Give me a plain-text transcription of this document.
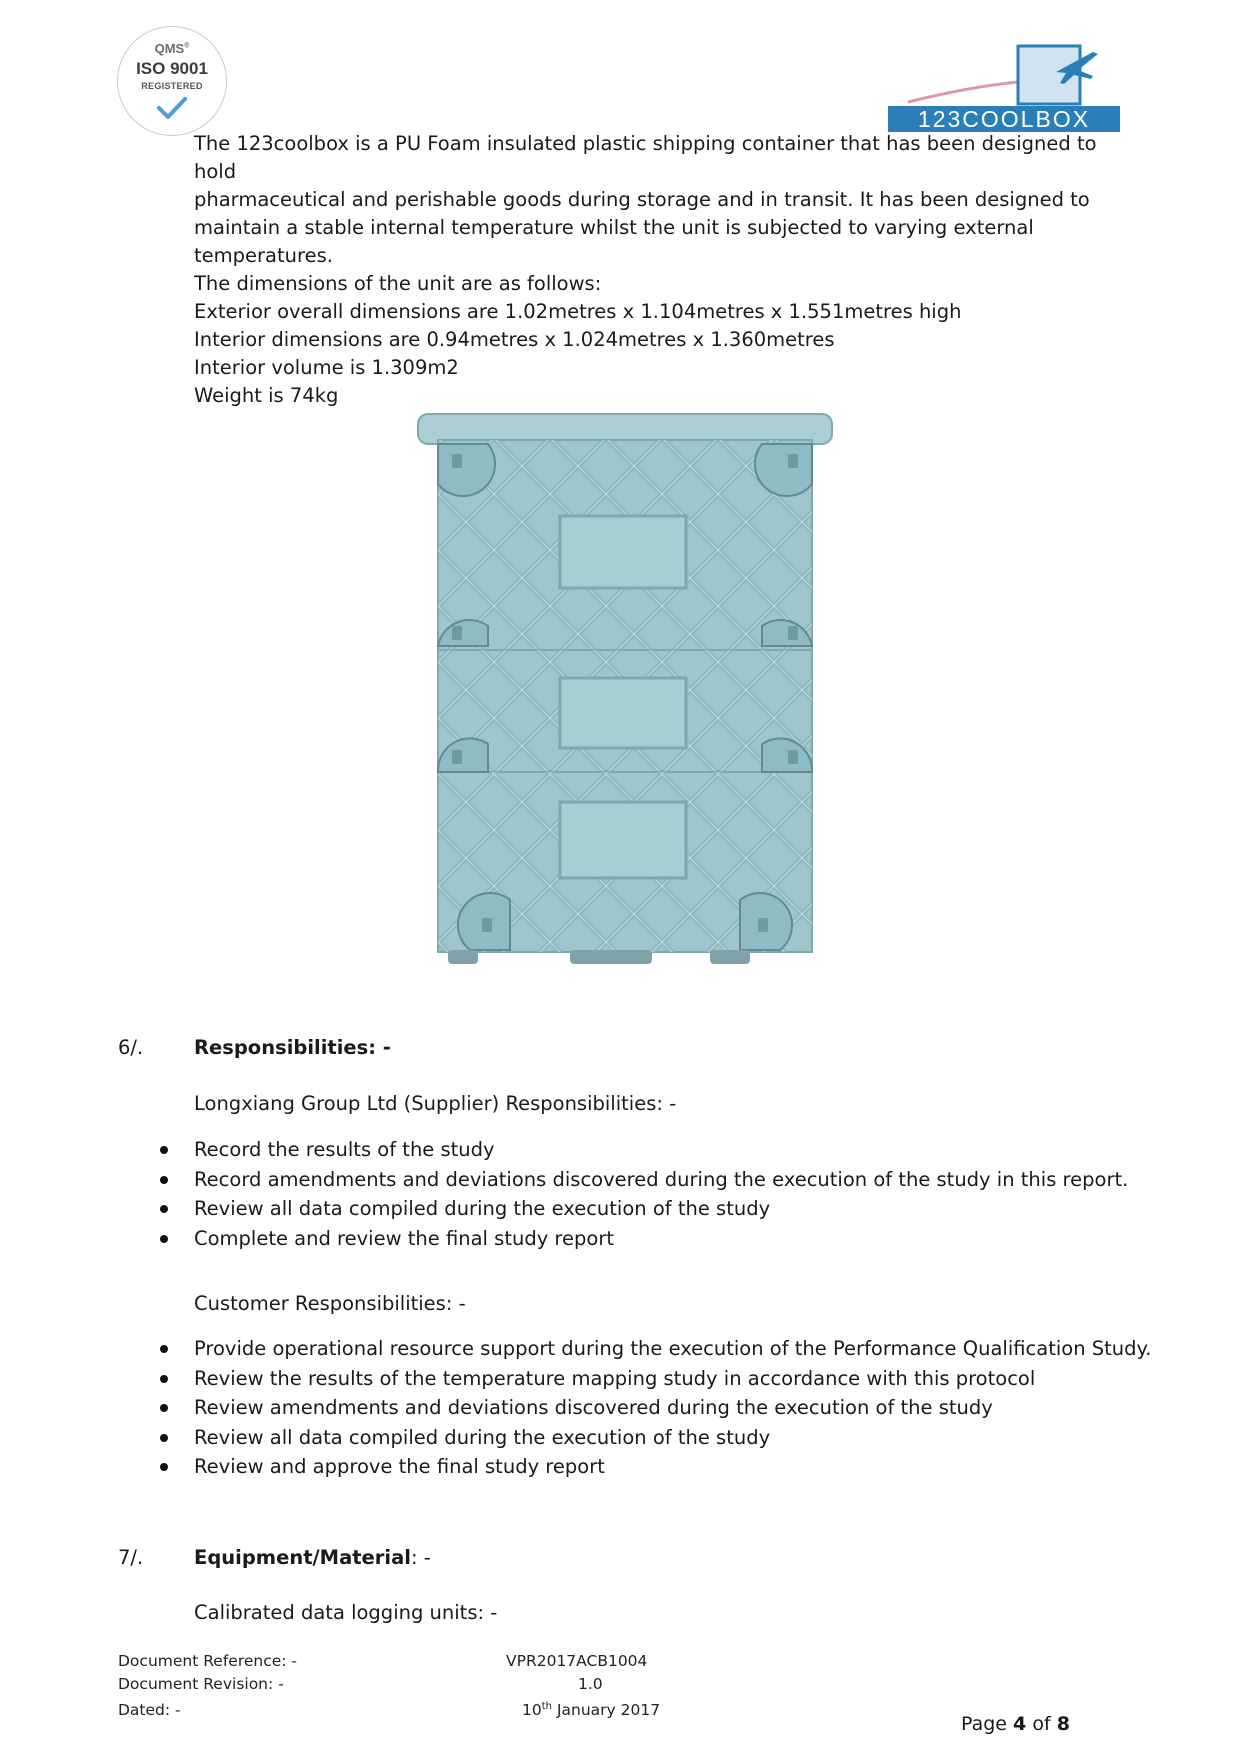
QMS®
ISO 9001
REGISTERED
123COOLBOX

The 123coolbox is a PU Foam insulated plastic shipping container that has been designed to hold

pharmaceutical and perishable goods during storage and in transit. It has been designed to

maintain a stable internal temperature whilst the unit is subjected to varying external

temperatures.

The dimensions of the unit are as follows:

Exterior overall dimensions are 1.02metres x 1.104metres x 1.551metres high

Interior dimensions are 0.94metres x 1.024metres x 1.360metres

Interior volume is 1.309m2

Weight is 74kg

6/.	Responsibilities: -
Longxiang Group Ltd (Supplier) Responsibilities: -
Record the results of the study
Record amendments and deviations discovered during the execution of the study in this report.
Review all data compiled during the execution of the study
Complete and review the final study report
Customer Responsibilities: -
Provide operational resource support during the execution of the Performance Qualification Study.
Review the results of the temperature mapping study in accordance with this protocol
Review amendments and deviations discovered during the execution of the study
Review all data compiled during the execution of the study
Review and approve the final study report
7/.	Equipment/Material: -
Calibrated data logging units: -
Document Reference: -
Document Revision: -
Dated: -
VPR2017ACB1004
1.0
10th January 2017
Page 4 of 8
